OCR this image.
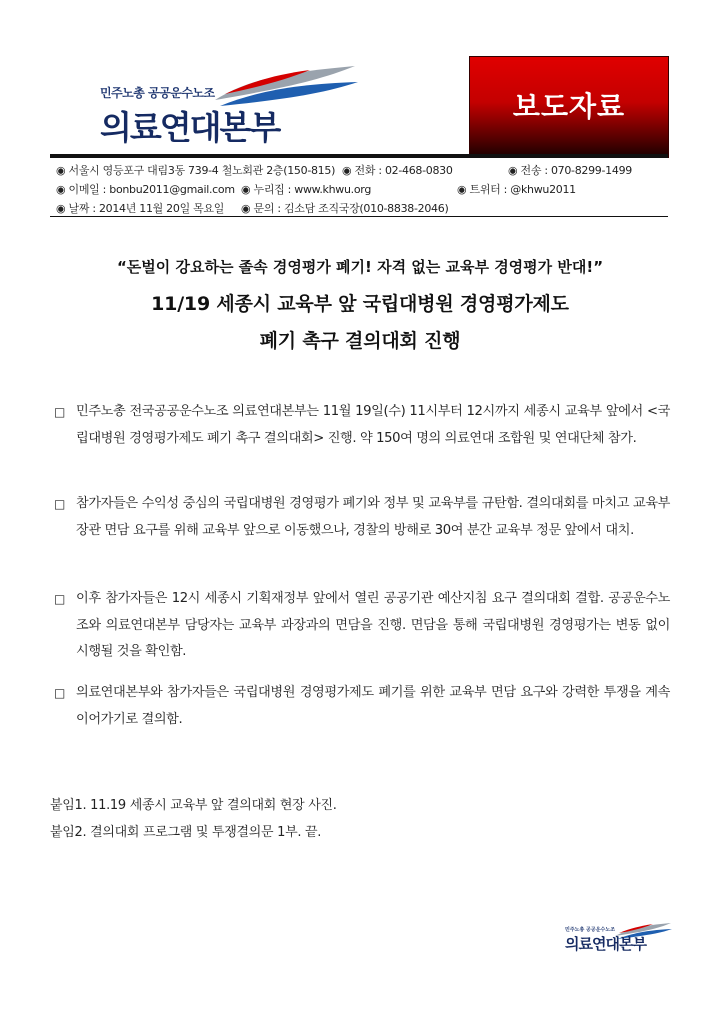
민주노총 공공운수노조
의료연대본부
보도자료
◉ 서울시 영등포구 대림3동 739-4 철노회관 2층(150-815) ◉ 전화 : 02-468-0830	◉ 전송 : 070-8299-1499
◉ 이메일 : bonbu2011@gmail.com ◉ 누리집 : www.khwu.org	◉ 트위터 : @khwu2011
◉ 날짜 : 2014년 11월 20일 목요일 ◉ 문의 : 김소담 조직국장(010-8838-2046)
“돈벌이 강요하는 졸속 경영평가 폐기! 자격 없는 교육부 경영평가 반대!”
11/19 세종시 교육부 앞 국립대병원 경영평가제도
폐기 촉구 결의대회 진행
□ 민주노총 전국공공운수노조 의료연대본부는 11월 19일(수) 11시부터 12시까지 세종시 교육부 앞에서 <국립대병원 경영평가제도 폐기 촉구 결의대회> 진행. 약 150여 명의 의료연대 조합원 및 연대단체 참가.
□ 참가자들은 수익성 중심의 국립대병원 경영평가 폐기와 정부 및 교육부를 규탄함. 결의대회를 마치고 교육부 장관 면담 요구를 위해 교육부 앞으로 이동했으나, 경찰의 방해로 30여 분간 교육부 정문 앞에서 대치.
□ 이후 참가자들은 12시 세종시 기획재정부 앞에서 열린 공공기관 예산지침 요구 결의대회 결합. 공공운수노조와 의료연대본부 담당자는 교육부 과장과의 면담을 진행. 면담을 통해 국립대병원 경영평가는 변동 없이 시행될 것을 확인함.
□ 의료연대본부와 참가자들은 국립대병원 경영평가제도 폐기를 위한 교육부 면담 요구와 강력한 투쟁을 계속 이어가기로 결의함.
붙임1. 11.19 세종시 교육부 앞 결의대회 현장 사진.
붙임2. 결의대회 프로그램 및 투쟁결의문 1부. 끝.
민주노총 공공운수노조
의료연대본부
